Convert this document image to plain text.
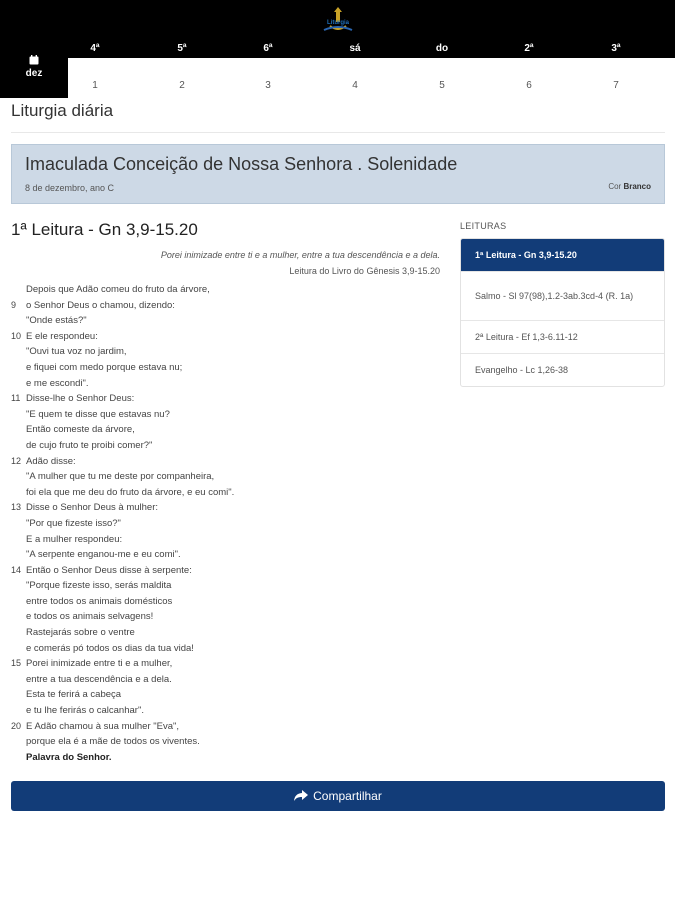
Liturgia
4ª	5ª	6ª	sá	do	2ª	3ª
dez
1	2	3	4	5	6	7
Liturgia diária
Imaculada Conceição de Nossa Senhora . Solenidade
8 de dezembro, ano C	Cor Branco
1ª Leitura - Gn 3,9-15.20
Porei inimizade entre ti e a mulher, entre a tua descendência e a dela.
Leitura do Livro do Gênesis 3,9-15.20
Depois que Adão comeu do fruto da árvore,
9	o Senhor Deus o chamou, dizendo:
"Onde estás?"
10 E ele respondeu:
"Ouvi tua voz no jardim,
e fiquei com medo porque estava nu;
e me escondi".
11 Disse-lhe o Senhor Deus:
"E quem te disse que estavas nu?
Então comeste da árvore,
de cujo fruto te proibi comer?"
12 Adão disse:
"A mulher que tu me deste por companheira,
foi ela que me deu do fruto da árvore, e eu comi".
13 Disse o Senhor Deus à mulher:
"Por que fizeste isso?"
E a mulher respondeu:
"A serpente enganou-me e eu comi".
14 Então o Senhor Deus disse à serpente:
"Porque fizeste isso, serás maldita
entre todos os animais domésticos
e todos os animais selvagens!
Rastejarás sobre o ventre
e comerás pó todos os dias da tua vida!
15 Porei inimizade entre ti e a mulher,
entre a tua descendência e a dela.
Esta te ferirá a cabeça
e tu lhe ferirás o calcanhar".
20 E Adão chamou à sua mulher "Eva",
porque ela é a mãe de todos os viventes.
Palavra do Senhor.
LEITURAS
1ª Leitura - Gn 3,9-15.20
Salmo - Sl 97(98),1.2-3ab.3cd-4 (R. 1a)
2ª Leitura - Ef 1,3-6.11-12
Evangelho - Lc 1,26-38
Compartilhar
